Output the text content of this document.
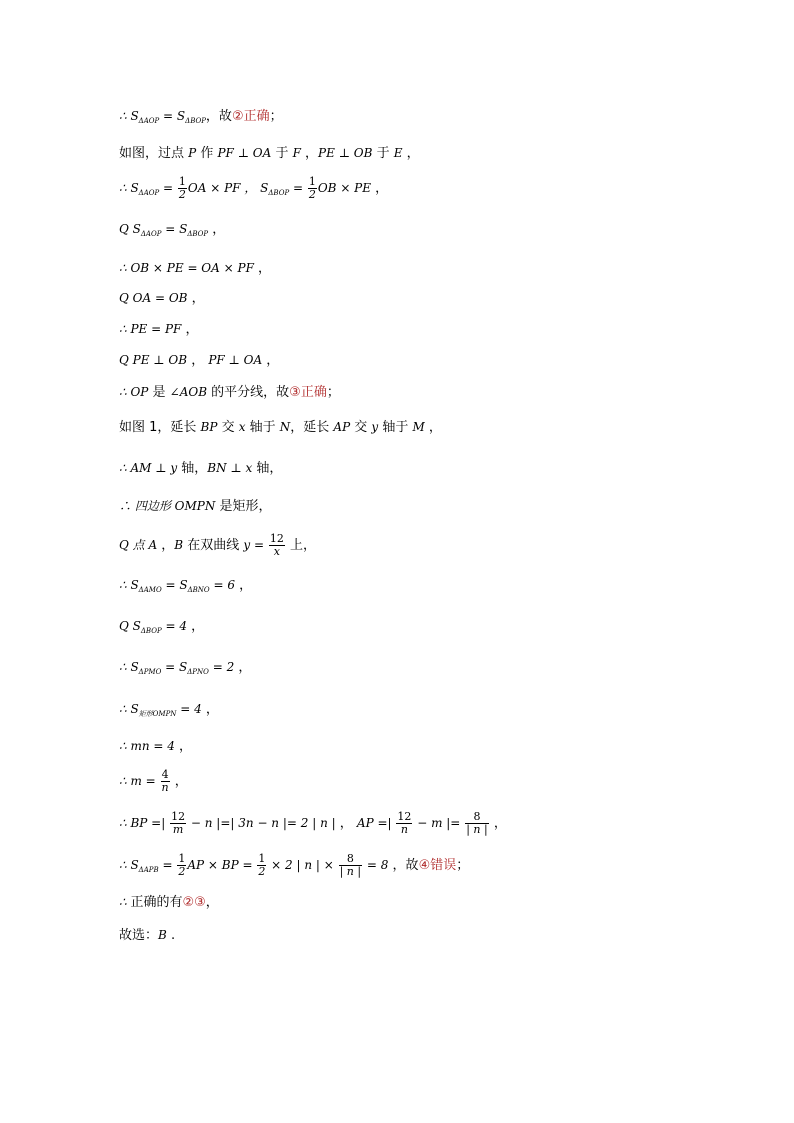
∴ $S_{\Delta AOP} = S_{\Delta BOP}$，故②正确；
如图，过点 P 作 PF ⊥ OA 于 F ，PE ⊥ OB 于 E ，
∴ $S_{\Delta AOP} = \frac{1}{2}$ OA × PF ， $S_{\Delta BOP} = \frac{1}{2}$ OB × PE ，
Q $S_{\Delta AOP} = S_{\Delta BOP}$ ，
∴ OB × PE = OA × PF ，
Q OA = OB ，
∴ PE = PF ，
Q PE ⊥ OB ， PF ⊥ OA ，
∴ OP 是 ∠AOB 的平分线，故③正确；
如图 1，延长 BP 交 x 轴于 N，延长 AP 交 y 轴于 M ，
∴ AM ⊥ y 轴，BN ⊥ x 轴，
∴ 四边形 OMPN 是矩形，
Q 点 A ，B 在双曲线 $y = \frac{12}{x}$ 上，
∴ $S_{\Delta AMO} = S_{\Delta BNO} = 6$ ，
Q $S_{\Delta BOP} = 4$ ，
∴ $S_{\Delta PMO} = S_{\Delta PNO} = 2$ ，
∴ $S_{矩形OMPN} = 4$ ，
∴ mn = 4 ，
∴ $m = \frac{4}{n}$ ，
∴ BP =| $\frac{12}{m} - n$ |=| 3n − n |= 2 | n | ， AP =| $\frac{12}{n} - m$ |= $\frac{8}{| n |}$ ，
∴ $S_{\Delta APB} = \frac{1}{2}$ AP × BP = $\frac{1}{2} \times 2$ | n | × $\frac{8}{| n |} = 8$ ，故④错误；
∴ 正确的有②③，
故选：B .
